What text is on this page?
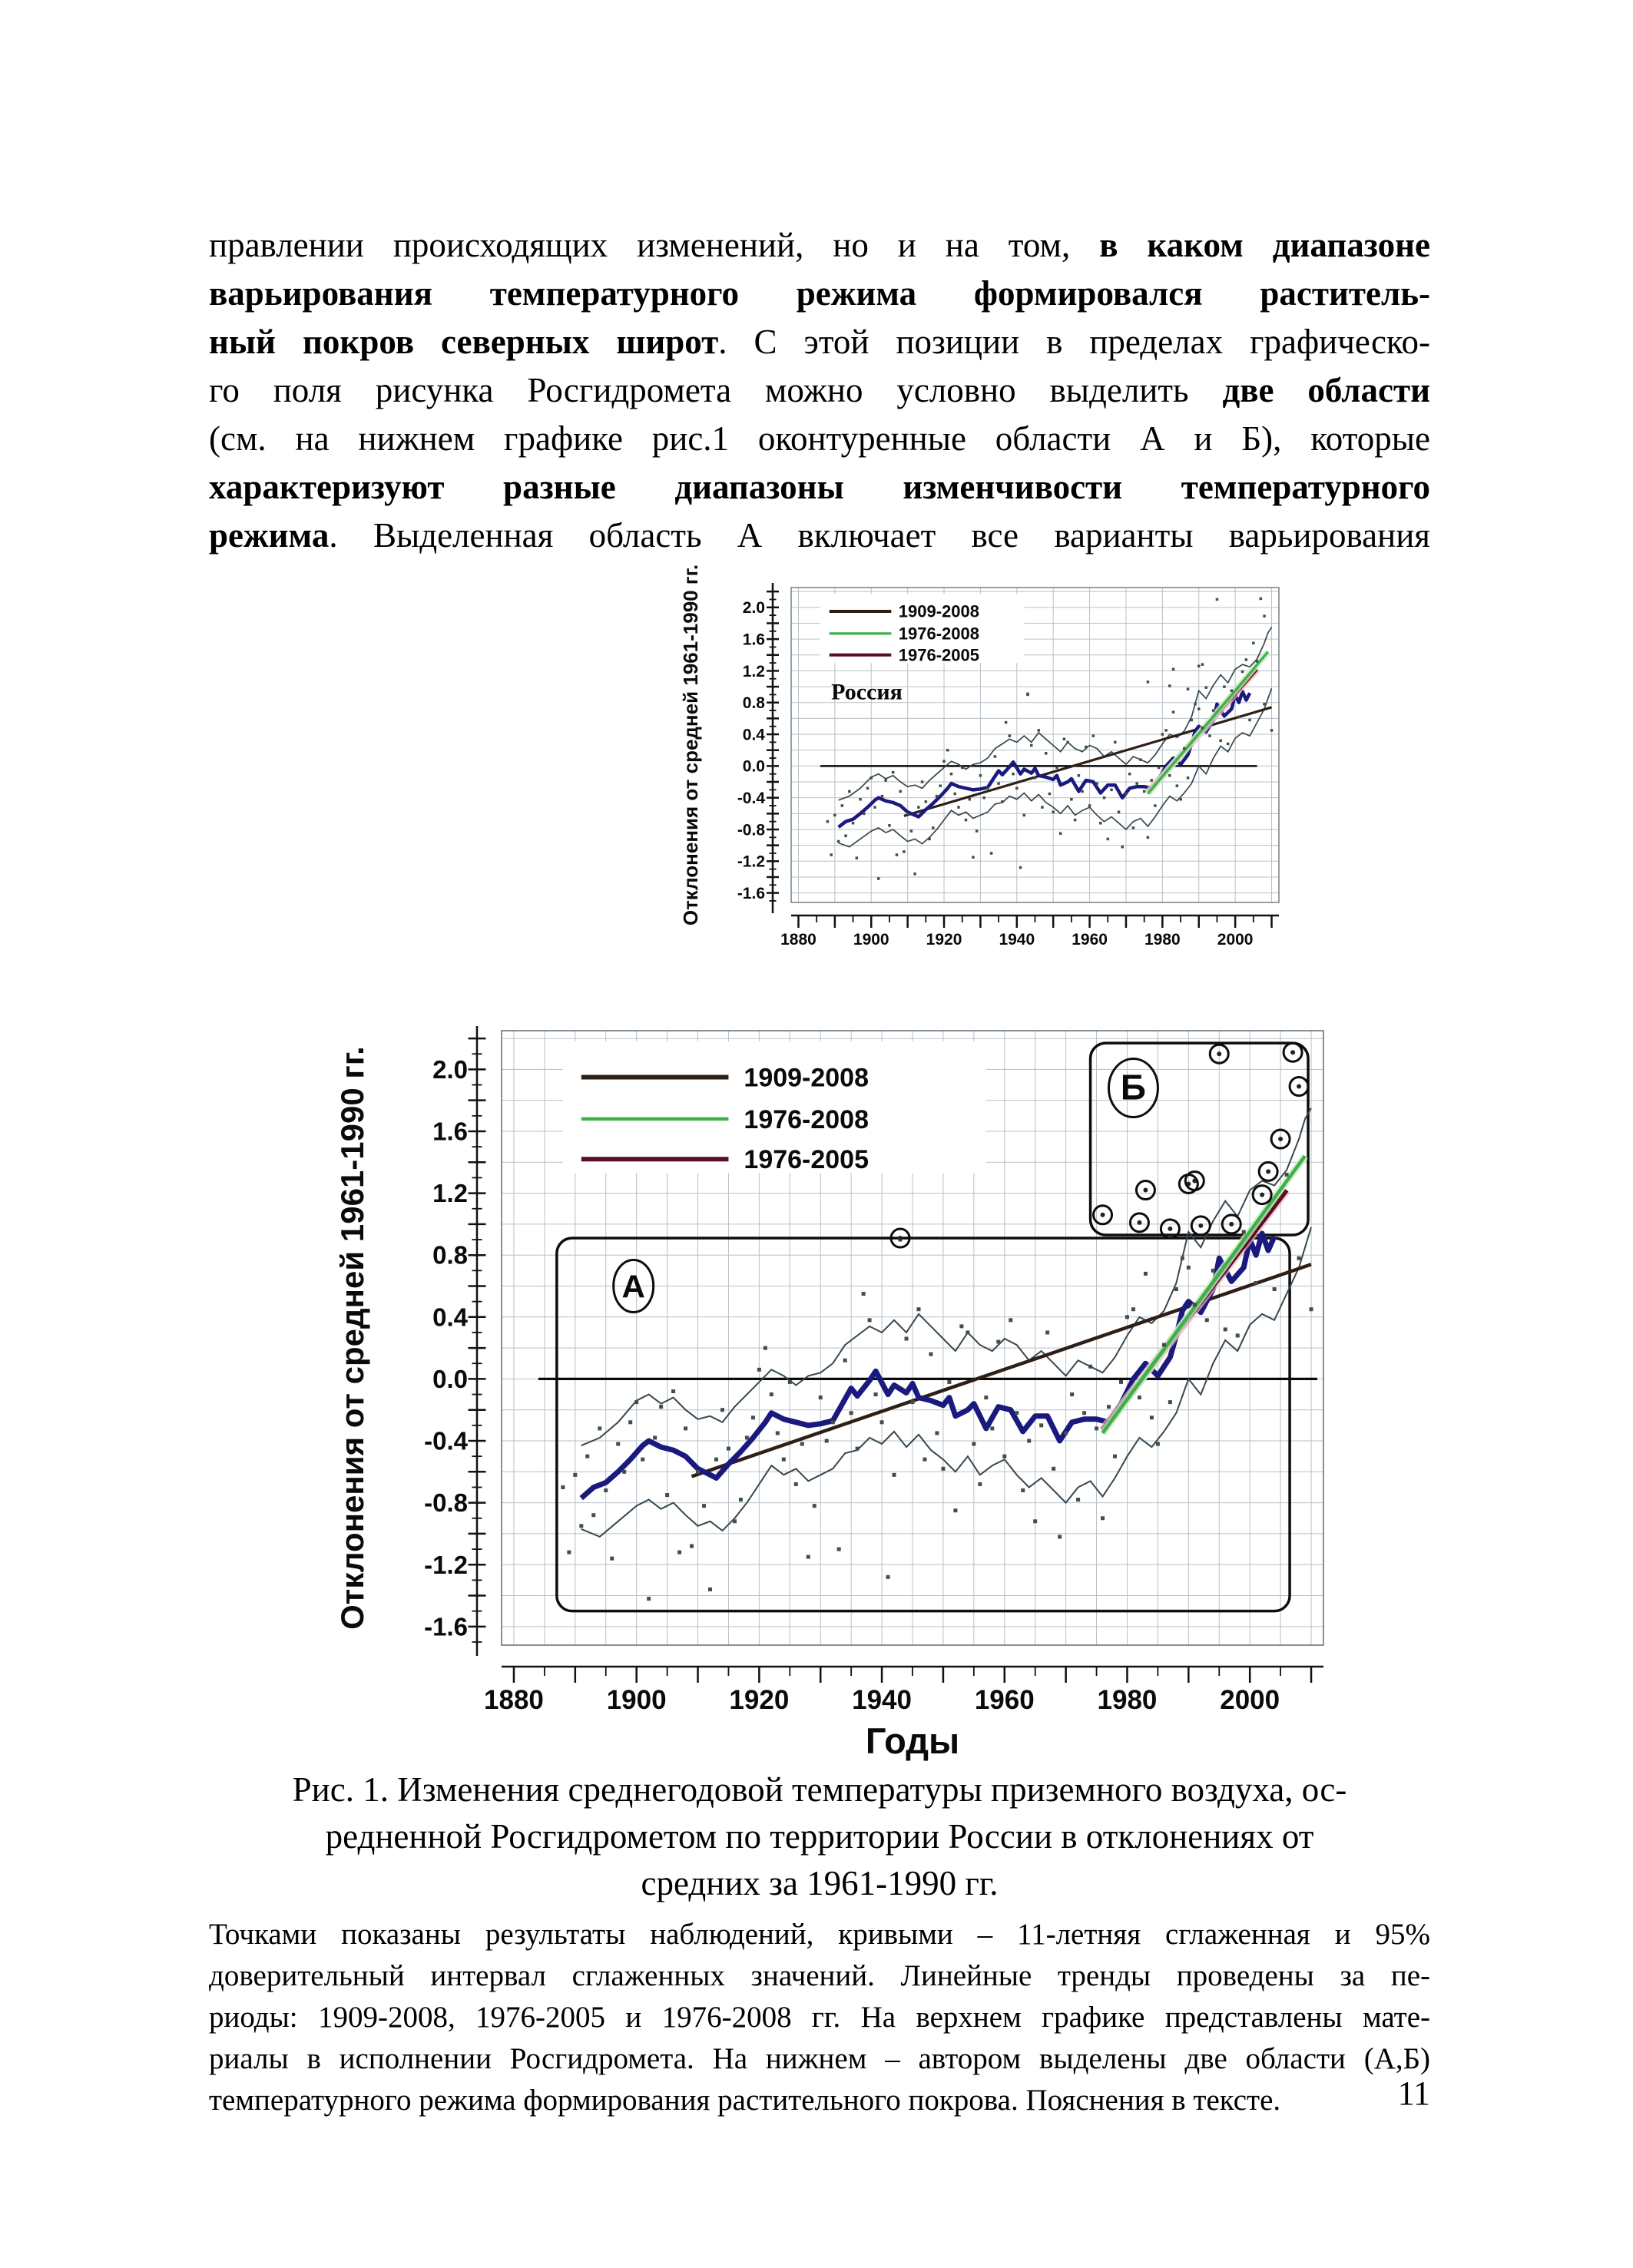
правлении происходящих изменений, но и на том, в каком диапазоне
варьирования температурного режима формировался раститель-
ный покров северных широт. С этой позиции в пределах графическо-
го поля рисунка Росгидромета можно условно выделить две области
(см. на нижнем графике рис.1 оконтуренные области А и Б), которые
характеризуют разные диапазоны изменчивости температурного
режима. Выделенная область А включает все варианты варьирования
1909-2008
1976-2008
1976-2005
Россия
2.0
1.6
1.2
0.8
0.4
0.0
-0.4
-0.8
-1.2
-1.6
1880 1900 1920 1940 1960 1980 2000
Отклонения от средней 1961-1990 гг.
А
Б
1909-2008
1976-2008
1976-2005
2.0
1.6
1.2
0.8
0.4
0.0
-0.4
-0.8
-1.2
-1.6
1880 1900 1920 1940 1960 1980 2000
Отклонения от средней 1961-1990 гг.
Годы
Рис. 1. Изменения среднегодовой температуры приземного воздуха, ос-
редненной Росгидрометом по территории России в отклонениях от
средних за 1961-1990 гг.
Точками показаны результаты наблюдений, кривыми – 11-летняя сглаженная и 95%
доверительный интервал сглаженных значений. Линейные тренды проведены за пе-
риоды: 1909-2008, 1976-2005 и 1976-2008 гг. На верхнем графике представлены мате-
риалы в исполнении Росгидромета. На нижнем – автором выделены две области (А,Б)
температурного режима формирования растительного покрова. Пояснения в тексте.	11
